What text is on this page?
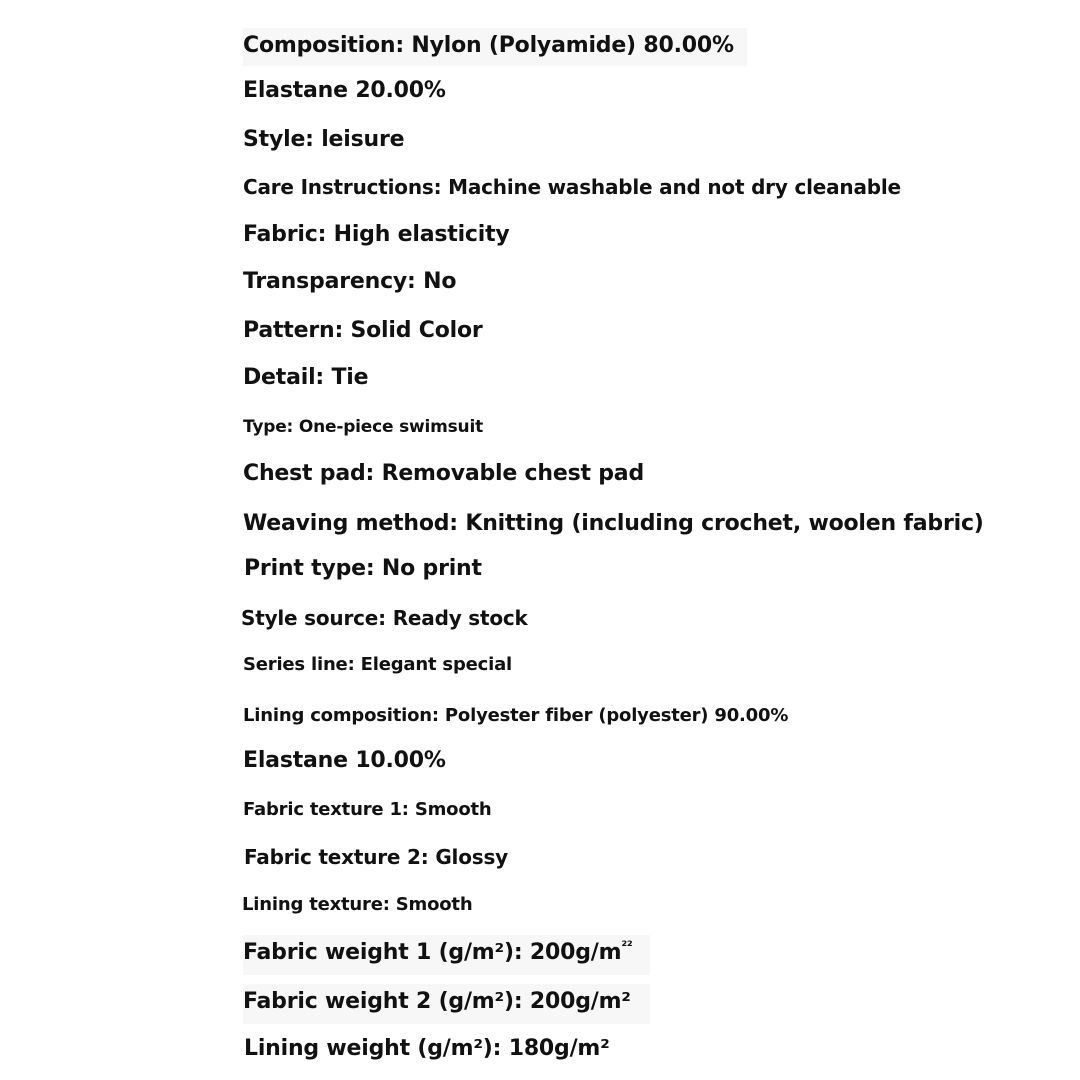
Composition: Nylon (Polyamide) 80.00%
Elastane 20.00%
Style: leisure
Care Instructions: Machine washable and not dry cleanable
Fabric: High elasticity
Transparency: No
Pattern: Solid Color
Detail: Tie
Type: One-piece swimsuit
Chest pad: Removable chest pad
Weaving method: Knitting (including crochet, woolen fabric)
Print type: No print
Style source: Ready stock
Series line: Elegant special
Lining composition: Polyester fiber (polyester) 90.00%
Elastane 10.00%
Fabric texture 1: Smooth
Fabric texture 2: Glossy
Lining texture: Smooth
Fabric weight 1 (g/m²): $200g/m^{^{22}}$
Fabric weight 2 (g/m²): 200g/m²
Lining weight (g/m²): 180g/m²
